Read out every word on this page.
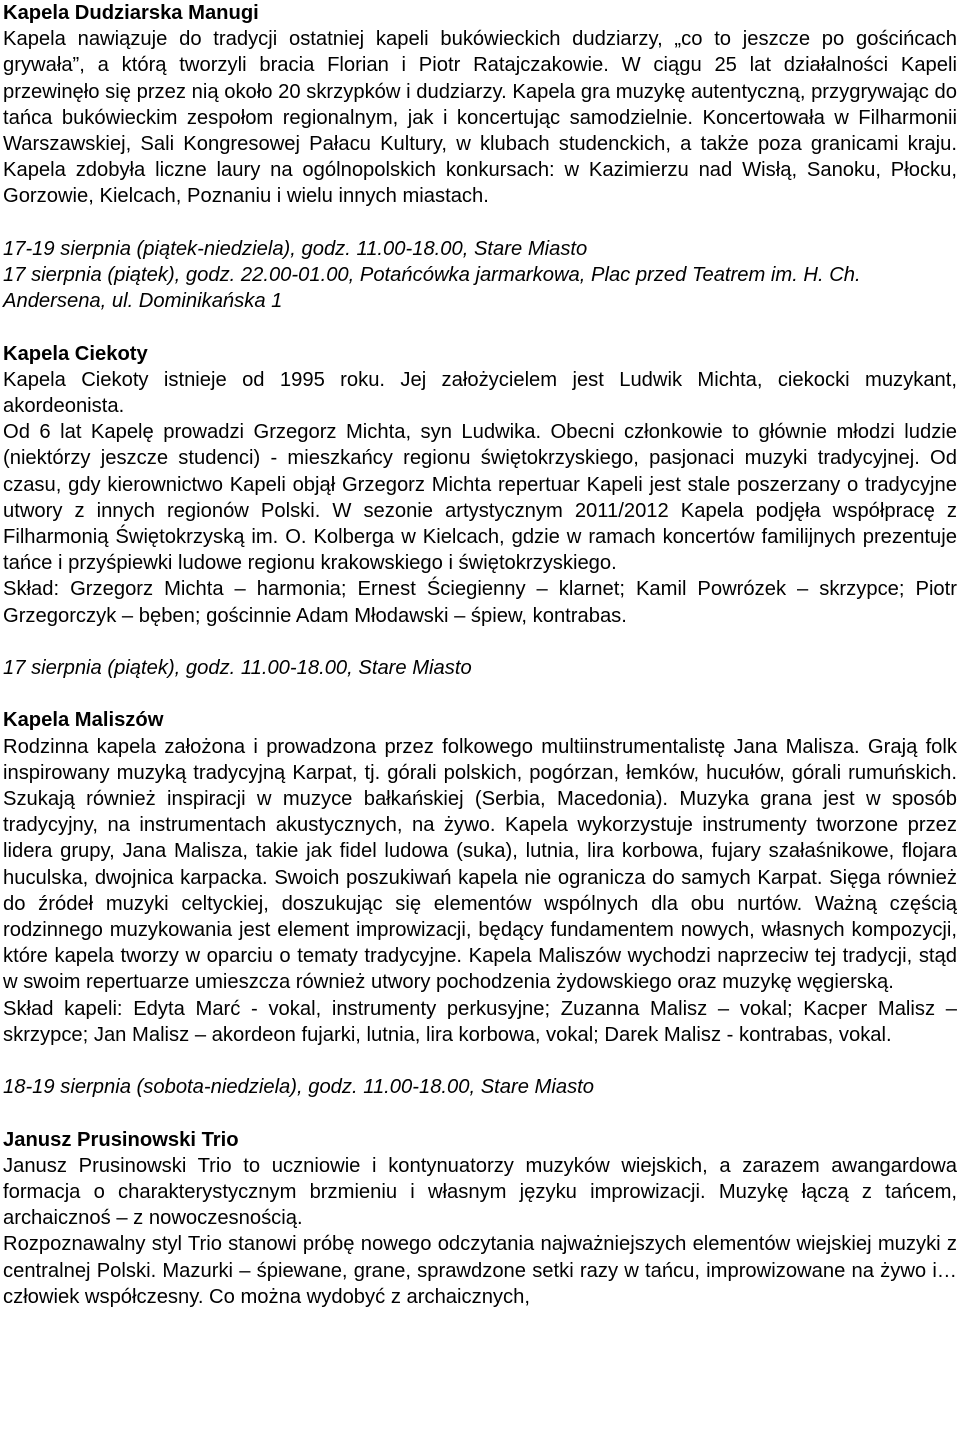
Kapela Dudziarska Manugi

Kapela nawiązuje do tradycji ostatniej kapeli bukówieckich dudziarzy, „co to jeszcze po gościńcach grywała”, a którą tworzyli bracia Florian i Piotr Ratajczakowie. W ciągu 25 lat działalności Kapeli przewinęło się przez nią około 20 skrzypków i dudziarzy. Kapela gra muzykę autentyczną, przygrywając do tańca bukówieckim zespołom regionalnym, jak i koncertując samodzielnie. Koncertowała w Filharmonii Warszawskiej, Sali Kongresowej Pałacu Kultury, w klubach studenckich, a także poza granicami kraju. Kapela zdobyła liczne laury na ogólnopolskich konkursach: w Kazimierzu nad Wisłą, Sanoku, Płocku, Gorzowie, Kielcach, Poznaniu i wielu innych miastach.

17-19 sierpnia (piątek-niedziela), godz. 11.00-18.00, Stare Miasto

17 sierpnia (piątek), godz. 22.00-01.00, Potańcówka jarmarkowa, Plac przed Teatrem im. H. Ch. Andersena, ul. Dominikańska 1

Kapela Ciekoty

Kapela Ciekoty istnieje od 1995 roku. Jej założycielem jest Ludwik Michta, ciekocki muzykant, akordeonista.

Od 6 lat Kapelę prowadzi Grzegorz Michta, syn Ludwika. Obecni członkowie to głównie młodzi ludzie (niektórzy jeszcze studenci) - mieszkańcy regionu świętokrzyskiego, pasjonaci muzyki tradycyjnej. Od czasu, gdy kierownictwo Kapeli objął Grzegorz Michta repertuar Kapeli jest stale poszerzany o tradycyjne utwory z innych regionów Polski. W sezonie artystycznym 2011/2012 Kapela podjęła współpracę z Filharmonią Świętokrzyską im. O. Kolberga w Kielcach, gdzie w ramach koncertów familijnych prezentuje tańce i przyśpiewki ludowe regionu krakowskiego i świętokrzyskiego.

Skład: Grzegorz Michta – harmonia; Ernest Ściegienny – klarnet; Kamil Powrózek – skrzypce; Piotr Grzegorczyk – bęben; gościnnie Adam Młodawski – śpiew, kontrabas.

17 sierpnia (piątek), godz. 11.00-18.00, Stare Miasto

Kapela Maliszów

Rodzinna kapela założona i prowadzona przez folkowego multiinstrumentalistę Jana Malisza. Grają folk inspirowany muzyką tradycyjną Karpat, tj. górali polskich, pogórzan, łemków, hucułów, górali rumuńskich. Szukają również inspiracji w muzyce bałkańskiej (Serbia, Macedonia). Muzyka grana jest w sposób tradycyjny, na instrumentach akustycznych, na żywo. Kapela wykorzystuje instrumenty tworzone przez lidera grupy, Jana Malisza, takie jak fidel ludowa (suka), lutnia, lira korbowa, fujary szałaśnikowe, flojara huculska, dwojnica karpacka. Swoich poszukiwań kapela nie ogranicza do samych Karpat. Sięga również do źródeł muzyki celtyckiej, doszukując się elementów wspólnych dla obu nurtów. Ważną częścią rodzinnego muzykowania jest element improwizacji, będący fundamentem nowych, własnych kompozycji, które kapela tworzy w oparciu o tematy tradycyjne. Kapela Maliszów wychodzi naprzeciw tej tradycji, stąd w swoim repertuarze umieszcza również utwory pochodzenia żydowskiego oraz muzykę węgierską.

Skład kapeli: Edyta Marć - vokal, instrumenty perkusyjne; Zuzanna Malisz – vokal; Kacper Malisz – skrzypce; Jan Malisz – akordeon fujarki, lutnia, lira korbowa, vokal; Darek Malisz - kontrabas, vokal.

18-19 sierpnia (sobota-niedziela), godz. 11.00-18.00, Stare Miasto

Janusz Prusinowski Trio

Janusz Prusinowski Trio to uczniowie i kontynuatorzy muzyków wiejskich, a zarazem awangardowa formacja o charakterystycznym brzmieniu i własnym języku improwizacji. Muzykę łączą z tańcem, archaicznoś – z nowoczesnością.

Rozpoznawalny styl Trio stanowi próbę nowego odczytania najważniejszych elementów wiejskiej muzyki z centralnej Polski. Mazurki – śpiewane, grane, sprawdzone setki razy w tańcu, improwizowane na żywo i… człowiek współczesny. Co można wydobyć z archaicznych,
